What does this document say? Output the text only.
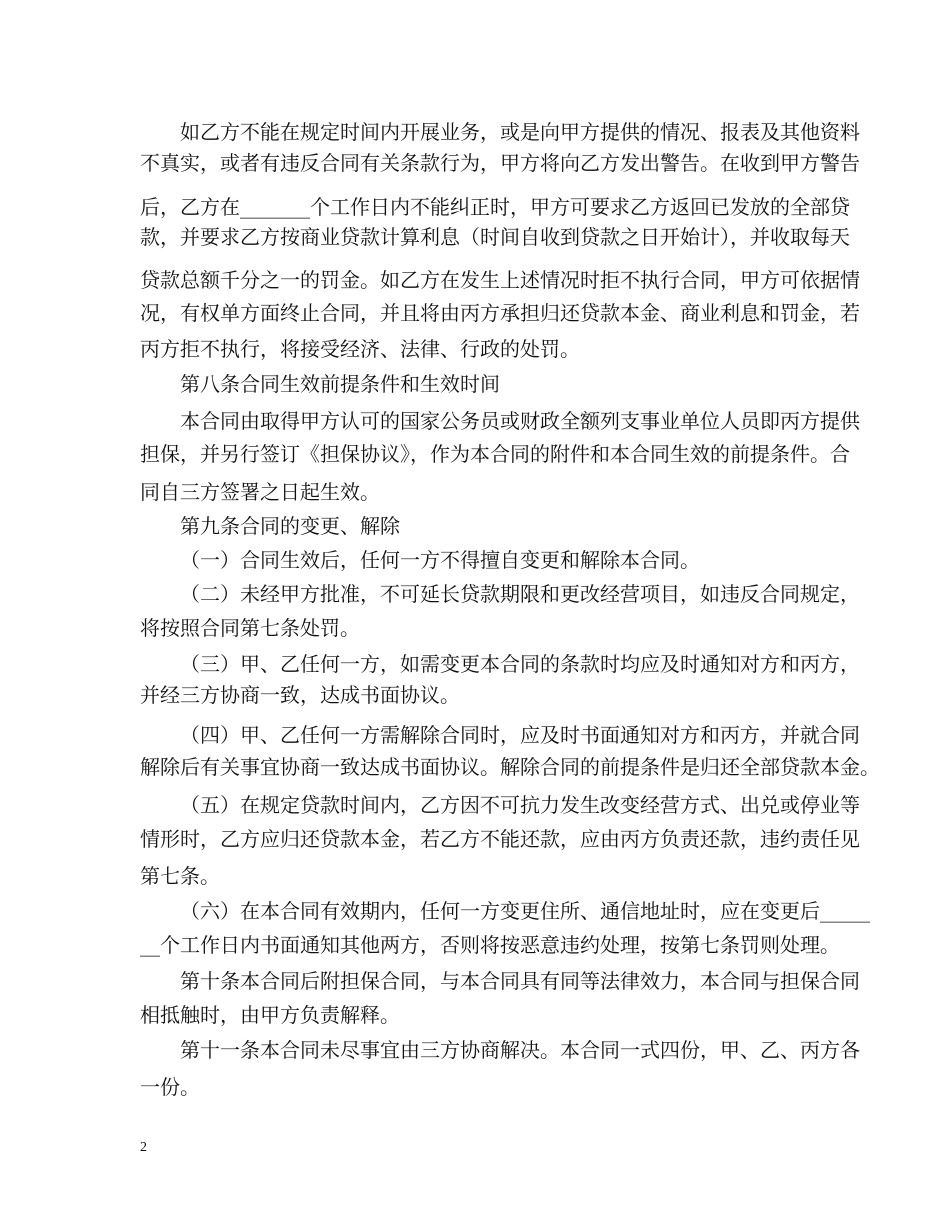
如乙方不能在规定时间内开展业务，或是向甲方提供的情况、报表及其他资料

不真实，或者有违反合同有关条款行为，甲方将向乙方发出警告。在收到甲方警告

后，乙方在_______个工作日内不能纠正时，甲方可要求乙方返回已发放的全部贷

款，并要求乙方按商业贷款计算利息（时间自收到贷款之日开始计），并收取每天

贷款总额千分之一的罚金。如乙方在发生上述情况时拒不执行合同，甲方可依据情

况，有权单方面终止合同，并且将由丙方承担归还贷款本金、商业利息和罚金，若

丙方拒不执行，将接受经济、法律、行政的处罚。

第八条合同生效前提条件和生效时间

本合同由取得甲方认可的国家公务员或财政全额列支事业单位人员即丙方提供

担保，并另行签订《担保协议》，作为本合同的附件和本合同生效的前提条件。合

同自三方签署之日起生效。

第九条合同的变更、解除

（一）合同生效后，任何一方不得擅自变更和解除本合同。

（二）未经甲方批准，不可延长贷款期限和更改经营项目，如违反合同规定，

将按照合同第七条处罚。

（三）甲、乙任何一方，如需变更本合同的条款时均应及时通知对方和丙方，

并经三方协商一致，达成书面协议。

（四）甲、乙任何一方需解除合同时，应及时书面通知对方和丙方，并就合同

解除后有关事宜协商一致达成书面协议。解除合同的前提条件是归还全部贷款本金。

（五）在规定贷款时间内，乙方因不可抗力发生改变经营方式、出兑或停业等

情形时，乙方应归还贷款本金，若乙方不能还款，应由丙方负责还款，违约责任见

第七条。

（六）在本合同有效期内，任何一方变更住所、通信地址时，应在变更后_____

__个工作日内书面通知其他两方，否则将按恶意违约处理，按第七条罚则处理。

第十条本合同后附担保合同，与本合同具有同等法律效力，本合同与担保合同

相抵触时，由甲方负责解释。

第十一条本合同未尽事宜由三方协商解决。本合同一式四份，甲、乙、丙方各

一份。

2
